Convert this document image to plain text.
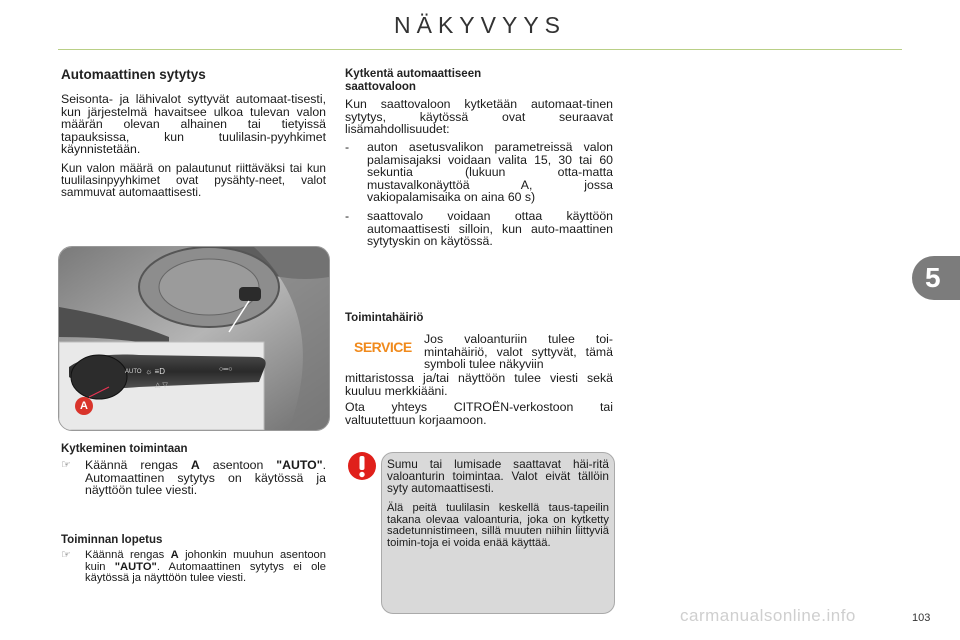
NÄKYVYYS
5
Automaattinen sytytys
Seisonta- ja lähivalot syttyvät automaat-tisesti, kun järjestelmä havaitsee ulkoa tulevan valon määrän olevan alhainen tai tietyissä tapauksissa, kun tuulilasin-pyyhkimet käynnistetään.
Kun valon määrä on palautunut riittäväksi tai kun tuulilasinpyyhkimet ovat pysähty-neet, valot sammuvat automaattisesti.
AUTO ☼ ≡D	○═○
△ ▽
A
Kytkeminen toimintaan
☞	Käännä rengas A asentoon "AUTO". Automaattinen sytytys on käytössä ja näyttöön tulee viesti.
Toiminnan lopetus
☞	Käännä rengas A johonkin muuhun asentoon kuin "AUTO". Automaattinen sytytys ei ole käytössä ja näyttöön tulee viesti.
Kytkentä automaattiseen saattovaloon
Kun saattovaloon kytketään automaat-tinen sytytys, käytössä ovat seuraavat lisämahdollisuudet:
-	auton asetusvalikon parametreissä valon palamisajaksi voidaan valita 15, 30 tai 60 sekuntia (lukuun otta-matta mustavalkonäyttöä A, jossa vakiopalamisaika on aina 60 s)
-	saattovalo voidaan ottaa käyttöön automaattisesti silloin, kun auto-maattinen sytytyskin on käytössä.
Toimintahäiriö
SERVICE Jos valoanturiin tulee toi-mintahäiriö, valot syttyvät, tämä symboli tulee näkyviin
mittaristossa ja/tai näyttöön tulee viesti sekä kuuluu merkkiääni.
Ota yhteys CITROËN-verkostoon tai valtuutettuun korjaamoon.
Sumu tai lumisade saattavat häi-ritä valoanturin toimintaa. Valot eivät tällöin syty automaattisesti.
Älä peitä tuulilasin keskellä taus-tapeilin takana olevaa valoanturia, joka on kytketty sadetunnistimeen, sillä muuten niihin liittyviä toimin-toja ei voida enää käyttää.
carmanualsonline.info	103
